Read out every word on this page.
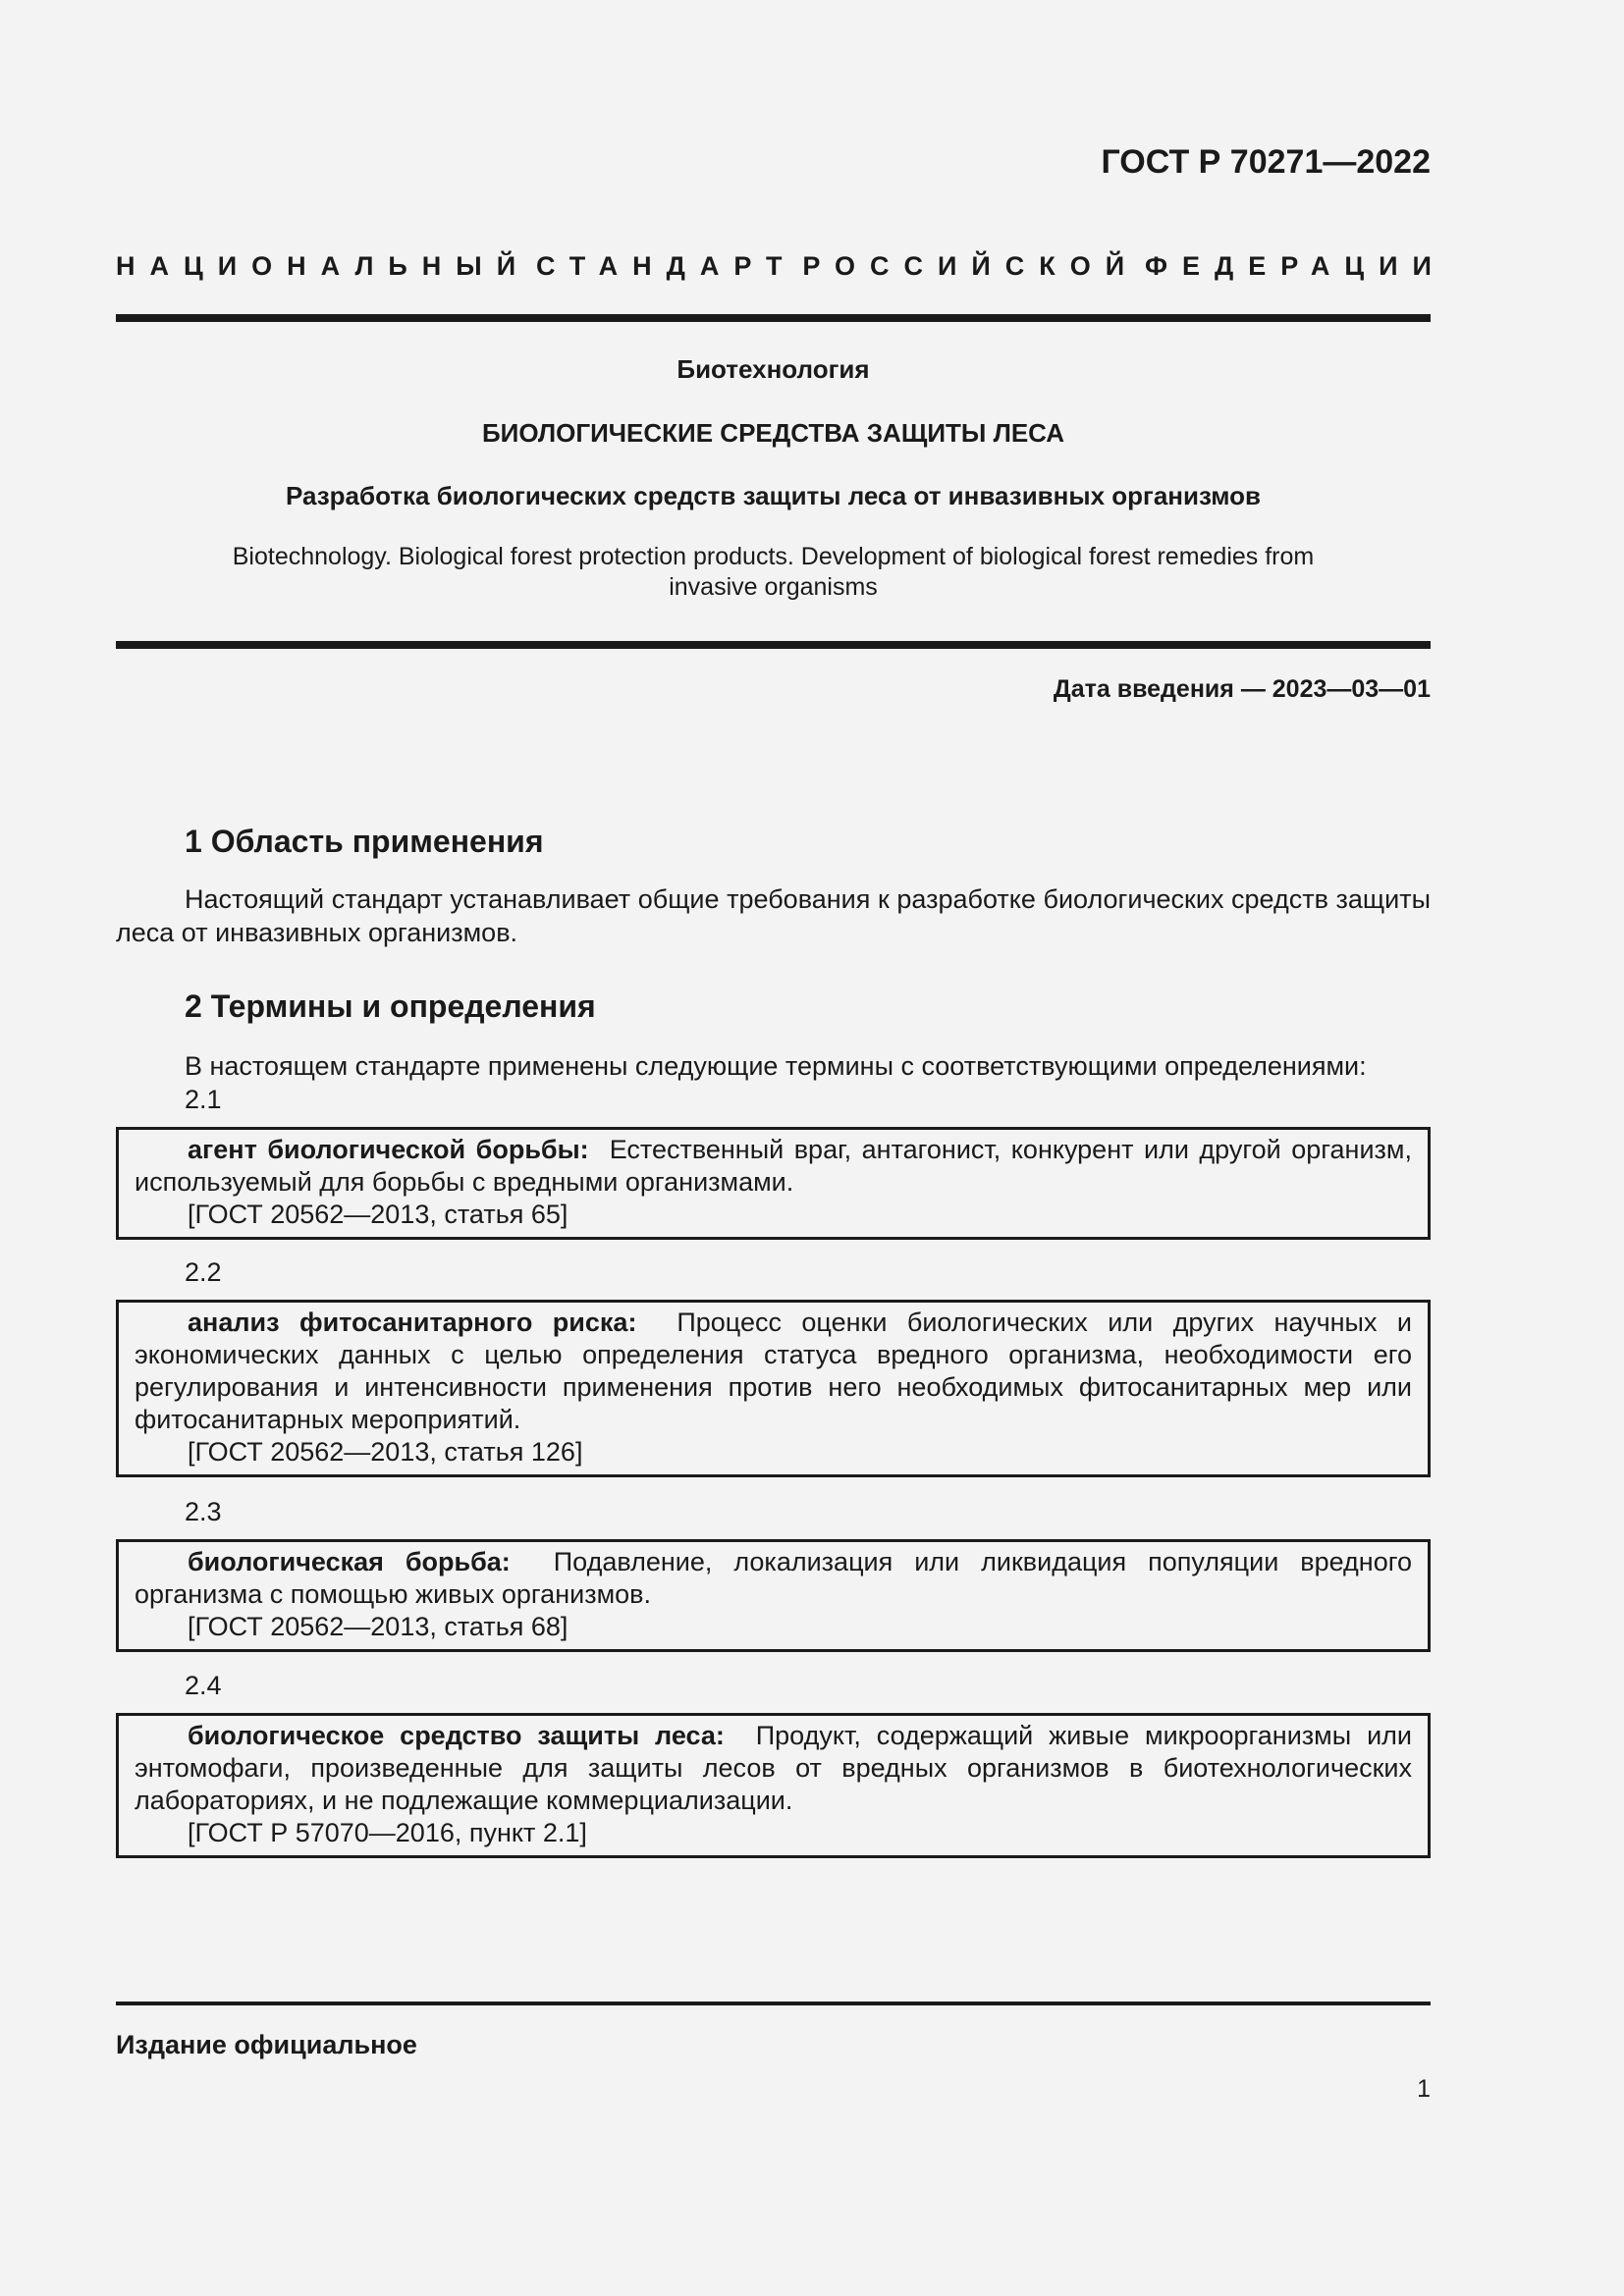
ГОСТ Р 70271—2022
НАЦИОНАЛЬНЫЙ СТАНДАРТ РОССИЙСКОЙ ФЕДЕРАЦИИ
Биотехнология
БИОЛОГИЧЕСКИЕ СРЕДСТВА ЗАЩИТЫ ЛЕСА
Разработка биологических средств защиты леса от инвазивных организмов
Biotechnology. Biological forest protection products. Development of biological forest remedies from
invasive organisms
Дата введения — 2023—03—01
1 Область применения
Настоящий стандарт устанавливает общие требования к разработке биологических средств защиты леса от инвазивных организмов.
2 Термины и определения
В настоящем стандарте применены следующие термины с соответствующими определениями:
2.1
агент биологической борьбы: Естественный враг, антагонист, конкурент или другой организм, используемый для борьбы с вредными организмами.
[ГОСТ 20562—2013, статья 65]
2.2
анализ фитосанитарного риска: Процесс оценки биологических или других научных и экономических данных с целью определения статуса вредного организма, необходимости его регулирования и интенсивности применения против него необходимых фитосанитарных мер или фитосанитарных мероприятий.
[ГОСТ 20562—2013, статья 126]
2.3
биологическая борьба: Подавление, локализация или ликвидация популяции вредного организма с помощью живых организмов.
[ГОСТ 20562—2013, статья 68]
2.4
биологическое средство защиты леса: Продукт, содержащий живые микроорганизмы или энтомофаги, произведенные для защиты лесов от вредных организмов в биотехнологических лабораториях, и не подлежащие коммерциализации.
[ГОСТ Р 57070—2016, пункт 2.1]
Издание официальное
1
